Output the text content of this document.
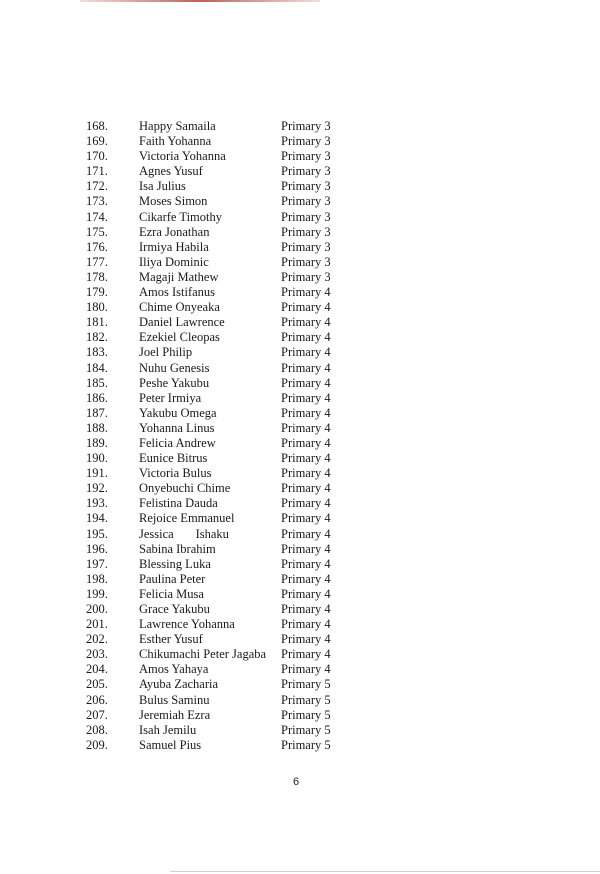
168. Happy Samaila	Primary 3
169. Faith Yohanna	Primary 3
170. Victoria Yohanna	Primary 3
171. Agnes Yusuf	Primary 3
172. Isa Julius	Primary 3
173. Moses Simon	Primary 3
174. Cikarfe Timothy	Primary 3
175. Ezra Jonathan	Primary 3
176. Irmiya Habila	Primary 3
177. Iliya Dominic	Primary 3
178. Magaji Mathew	Primary 3
179. Amos Istifanus	Primary 4
180. Chime Onyeaka	Primary 4
181. Daniel Lawrence	Primary 4
182. Ezekiel Cleopas	Primary 4
183. Joel Philip	Primary 4
184. Nuhu Genesis	Primary 4
185. Peshe Yakubu	Primary 4
186. Peter Irmiya	Primary 4
187. Yakubu Omega	Primary 4
188. Yohanna Linus	Primary 4
189. Felicia Andrew	Primary 4
190. Eunice Bitrus	Primary 4
191. Victoria Bulus	Primary 4
192. Onyebuchi Chime	Primary 4
193. Felistina Dauda	Primary 4
194. Rejoice Emmanuel	Primary 4
195. Jessica       Ishaku	Primary 4
196. Sabina Ibrahim	Primary 4
197. Blessing Luka	Primary 4
198. Paulina Peter	Primary 4
199. Felicia Musa	Primary 4
200. Grace Yakubu	Primary 4
201. Lawrence Yohanna	Primary 4
202. Esther Yusuf	Primary 4
203. Chikumachi Peter Jagaba Primary 4
204. Amos Yahaya	Primary 4
205. Ayuba Zacharia	Primary 5
206. Bulus Saminu	Primary 5
207. Jeremiah Ezra	Primary 5
208. Isah Jemilu	Primary 5
209. Samuel Pius	Primary 5
6
